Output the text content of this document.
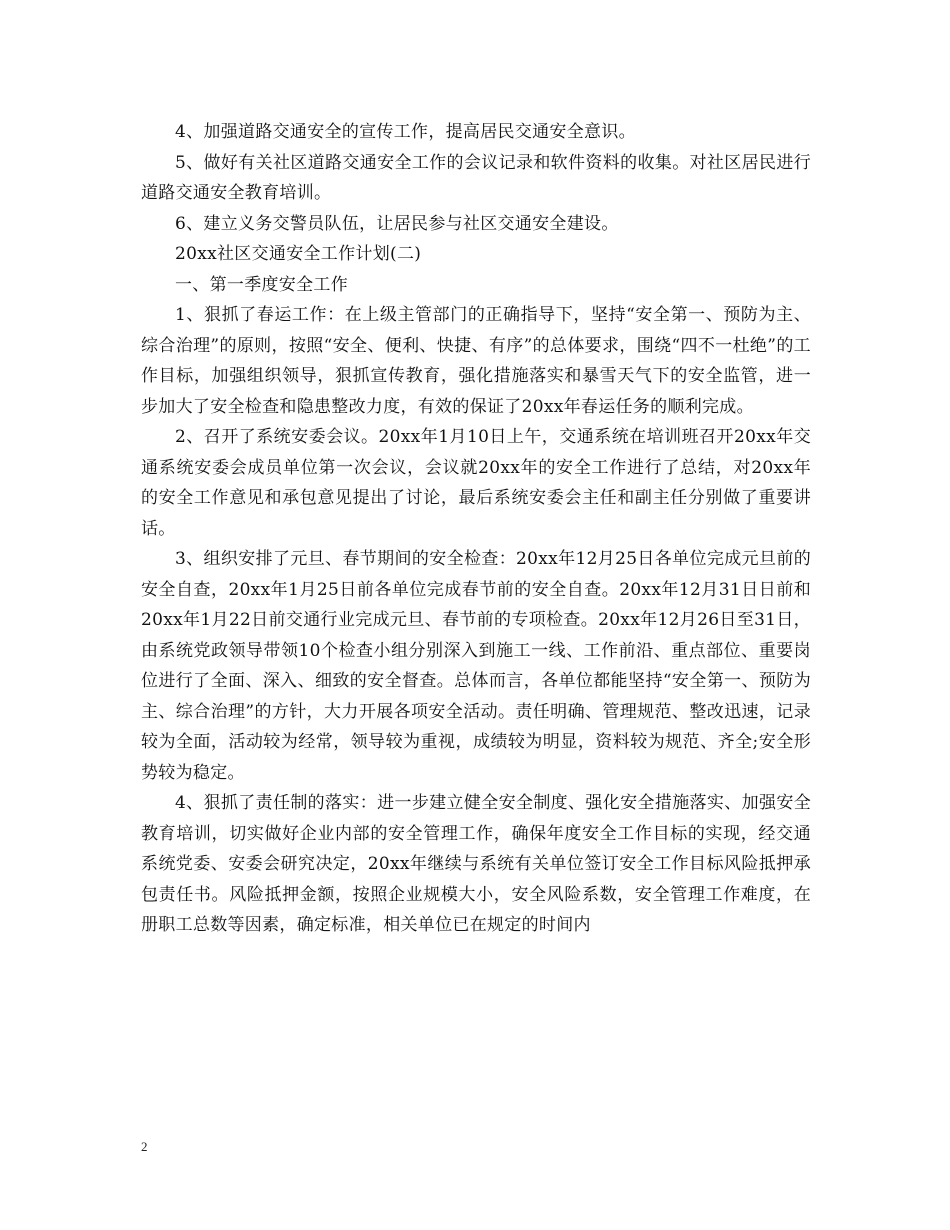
4、加强道路交通安全的宣传工作，提高居民交通安全意识。

5、做好有关社区道路交通安全工作的会议记录和软件资料的收集。对社区居民进行道路交通安全教育培训。

6、建立义务交警员队伍，让居民参与社区交通安全建设。

20xx社区交通安全工作计划(二)

一、第一季度安全工作

1、狠抓了春运工作：在上级主管部门的正确指导下，坚持“安全第一、预防为主、综合治理”的原则，按照“安全、便利、快捷、有序”的总体要求，围绕“四不一杜绝”的工作目标，加强组织领导，狠抓宣传教育，强化措施落实和暴雪天气下的安全监管，进一步加大了安全检查和隐患整改力度，有效的保证了20xx年春运任务的顺利完成。

2、召开了系统安委会议。20xx年1月10日上午，交通系统在培训班召开20xx年交通系统安委会成员单位第一次会议，会议就20xx年的安全工作进行了总结，对20xx年的安全工作意见和承包意见提出了讨论，最后系统安委会主任和副主任分别做了重要讲话。

3、组织安排了元旦、春节期间的安全检查：20xx年12月25日各单位完成元旦前的安全自查，20xx年1月25日前各单位完成春节前的安全自查。20xx年12月31日日前和20xx年1月22日前交通行业完成元旦、春节前的专项检查。20xx年12月26日至31日，由系统党政领导带领10个检查小组分别深入到施工一线、工作前沿、重点部位、重要岗位进行了全面、深入、细致的安全督查。总体而言，各单位都能坚持“安全第一、预防为主、综合治理”的方针，大力开展各项安全活动。责任明确、管理规范、整改迅速，记录较为全面，活动较为经常，领导较为重视，成绩较为明显，资料较为规范、齐全;安全形势较为稳定。

4、狠抓了责任制的落实：进一步建立健全安全制度、强化安全措施落实、加强安全教育培训，切实做好企业内部的安全管理工作，确保年度安全工作目标的实现，经交通系统党委、安委会研究决定，20xx年继续与系统有关单位签订安全工作目标风险抵押承包责任书。风险抵押金额，按照企业规模大小，安全风险系数，安全管理工作难度，在册职工总数等因素，确定标准，相关单位已在规定的时间内

2
